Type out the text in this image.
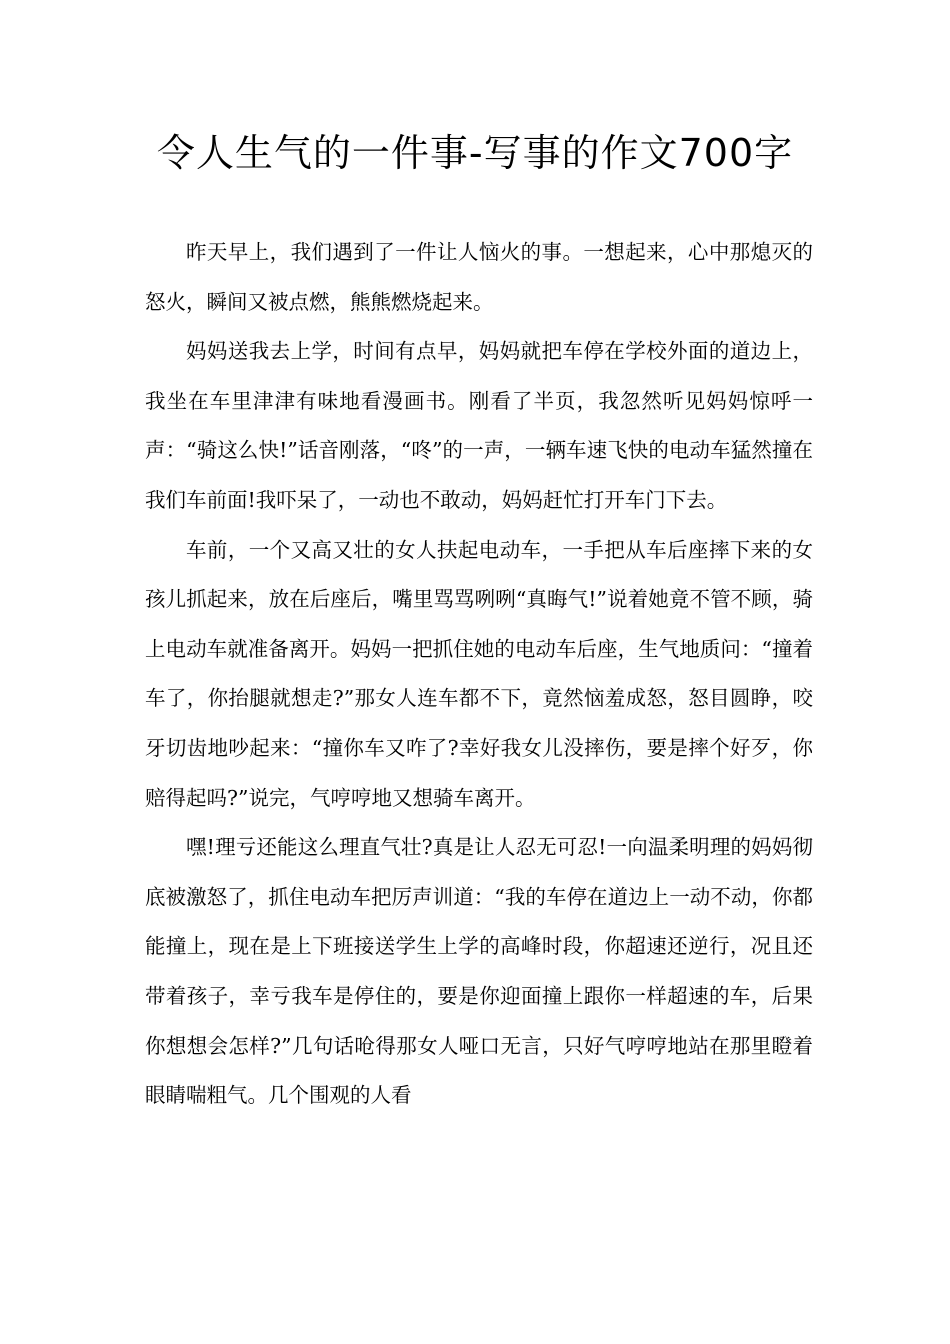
令人生气的一件事-写事的作文700字

昨天早上，我们遇到了一件让人恼火的事。一想起来，心中那熄灭的怒火，瞬间又被点燃，熊熊燃烧起来。

妈妈送我去上学，时间有点早，妈妈就把车停在学校外面的道边上，我坐在车里津津有味地看漫画书。刚看了半页，我忽然听见妈妈惊呼一声：“骑这么快!”话音刚落，“咚”的一声，一辆车速飞快的电动车猛然撞在我们车前面!我吓呆了，一动也不敢动，妈妈赶忙打开车门下去。

车前，一个又高又壮的女人扶起电动车，一手把从车后座摔下来的女孩儿抓起来，放在后座后，嘴里骂骂咧咧“真晦气!”说着她竟不管不顾，骑上电动车就准备离开。妈妈一把抓住她的电动车后座，生气地质问：“撞着车了，你抬腿就想走?”那女人连车都不下，竟然恼羞成怒，怒目圆睁，咬牙切齿地吵起来：“撞你车又咋了?幸好我女儿没摔伤，要是摔个好歹，你赔得起吗?”说完，气哼哼地又想骑车离开。

嘿!理亏还能这么理直气壮?真是让人忍无可忍!一向温柔明理的妈妈彻底被激怒了，抓住电动车把厉声训道：“我的车停在道边上一动不动，你都能撞上，现在是上下班接送学生上学的高峰时段，你超速还逆行，况且还带着孩子，幸亏我车是停住的，要是你迎面撞上跟你一样超速的车，后果你想想会怎样?”几句话呛得那女人哑口无言，只好气哼哼地站在那里瞪着眼睛喘粗气。几个围观的人看
